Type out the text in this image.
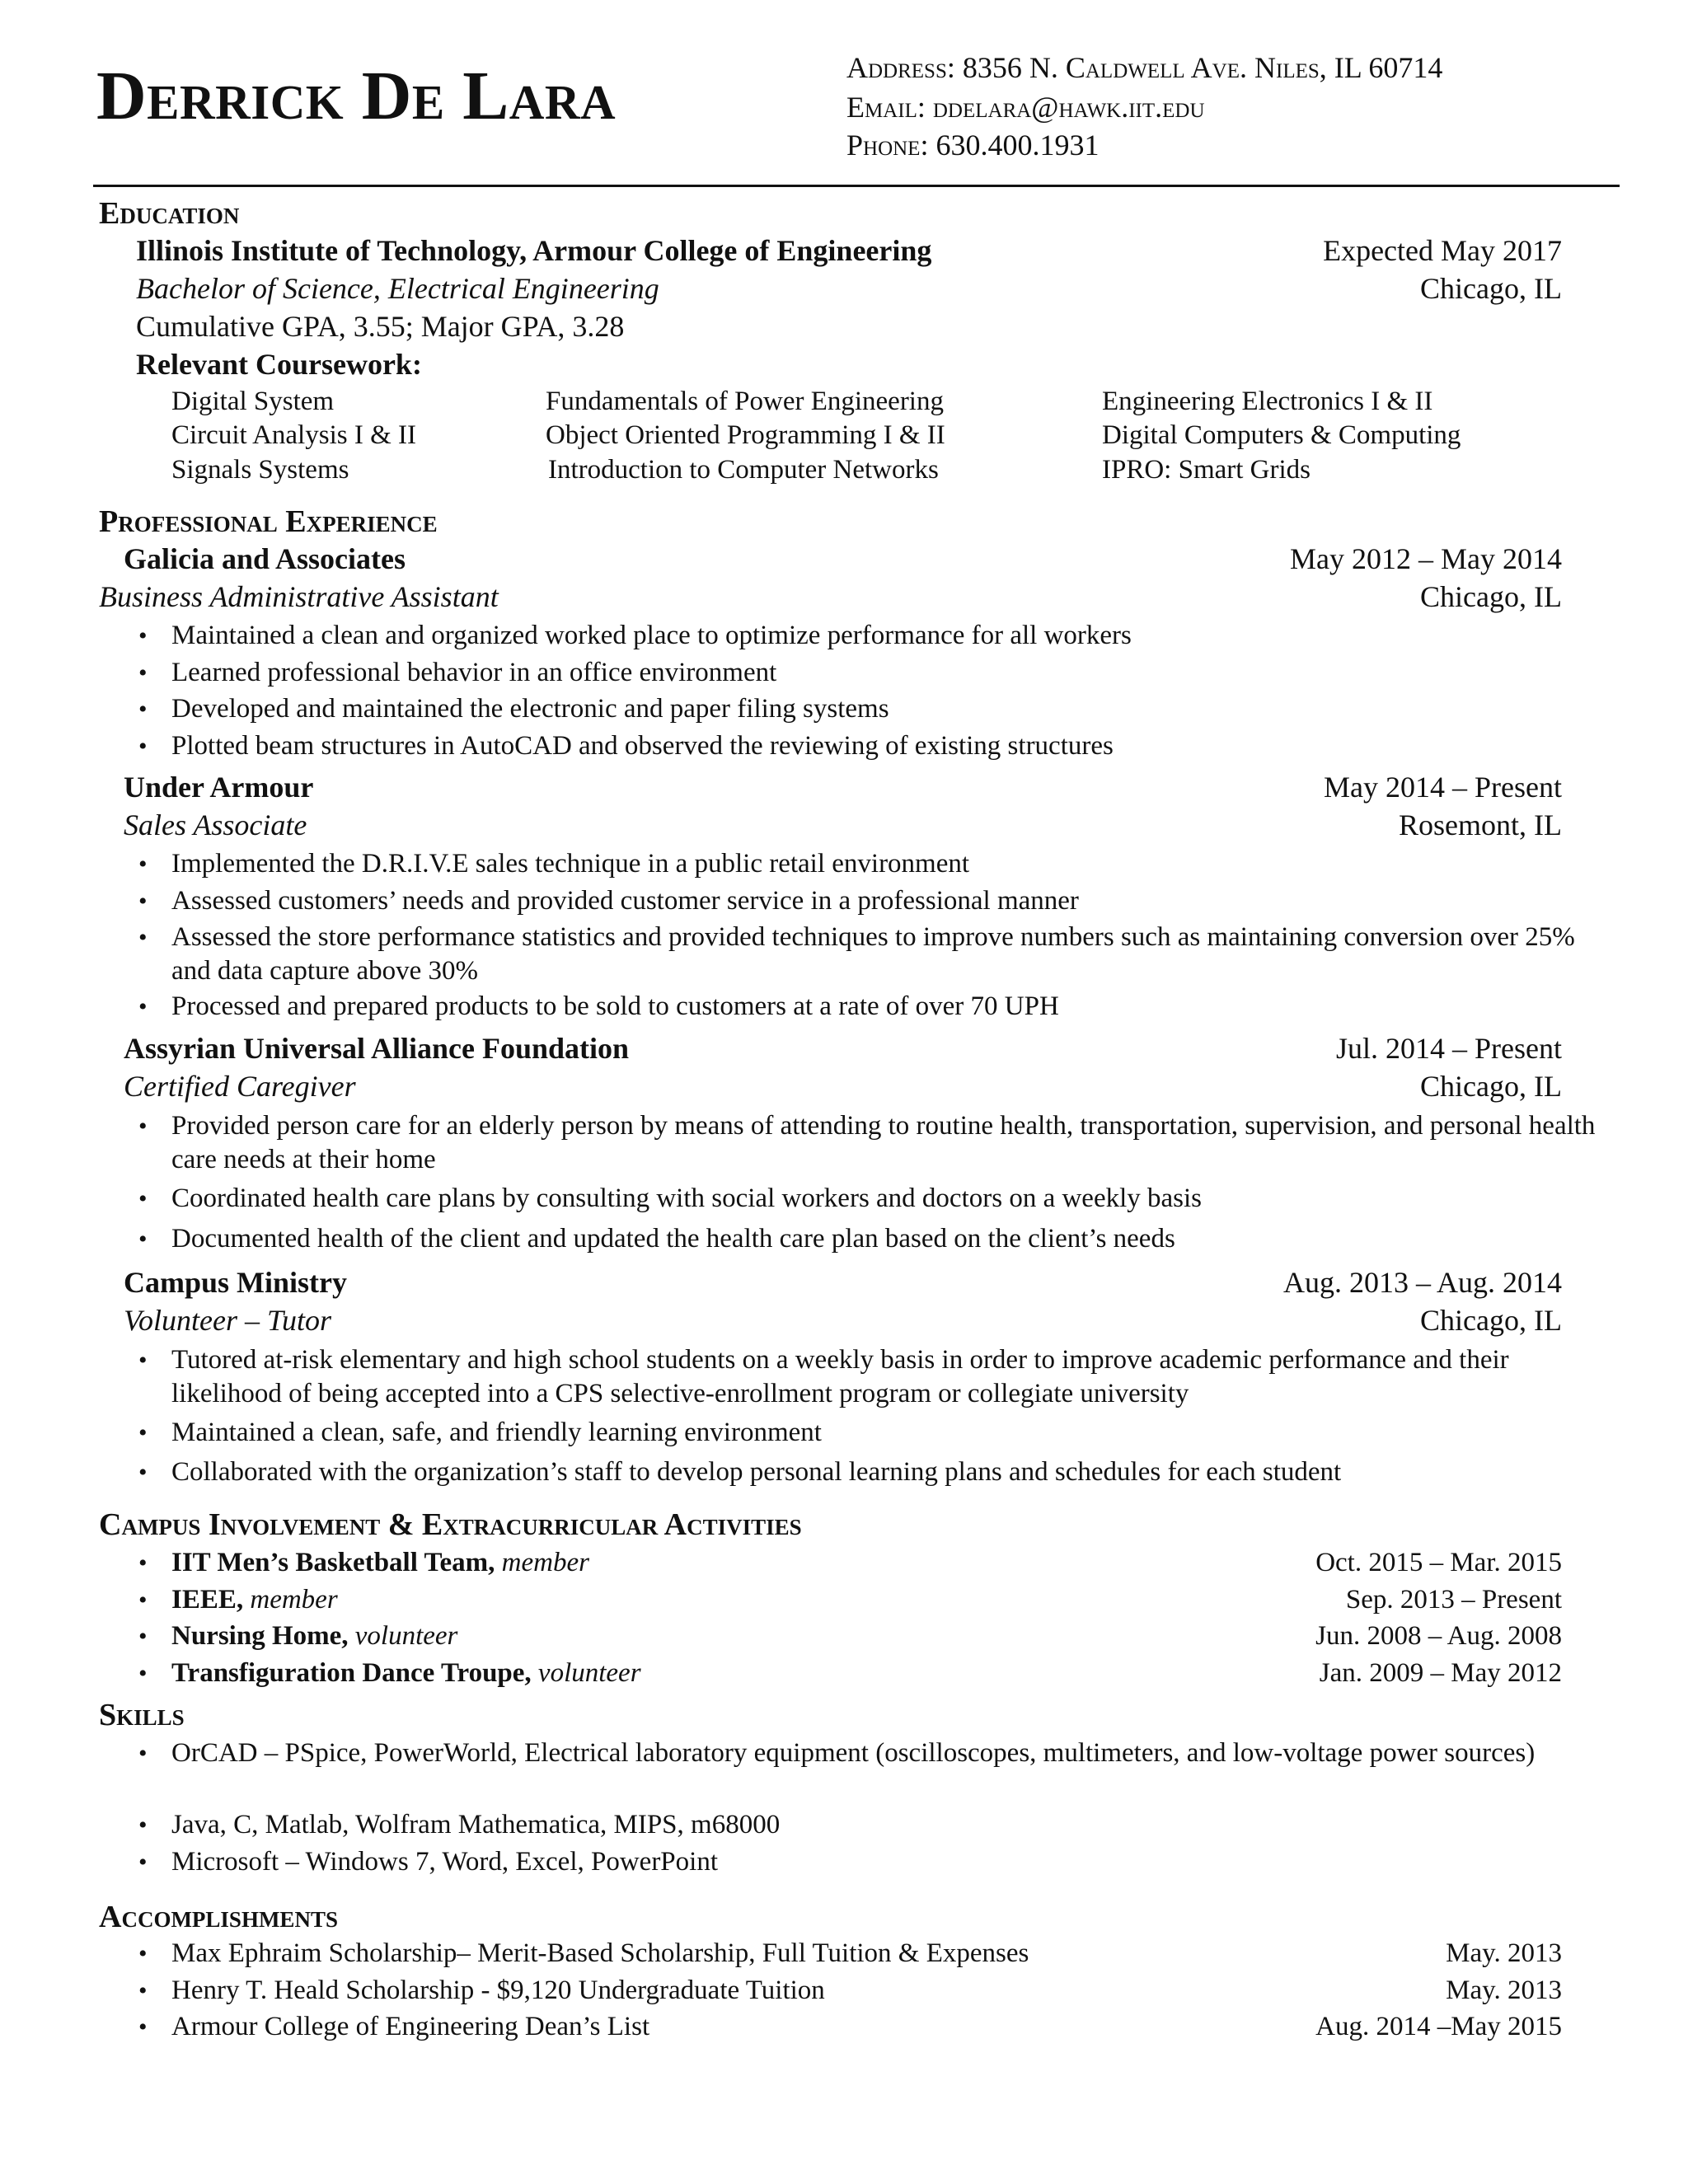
Derrick De Lara	Address: 8356 N. Caldwell Ave. Niles, IL 60714
Email: ddelara@hawk.iit.edu
Phone: 630.400.1931
Education
Illinois Institute of Technology, Armour College of Engineering	Expected May 2017
Bachelor of Science, Electrical Engineering	Chicago, IL
Cumulative GPA, 3.55; Major GPA, 3.28
Relevant Coursework:
Digital System	Fundamentals of Power Engineering	Engineering Electronics I & II
Circuit Analysis I & II	Object Oriented Programming I & II	Digital Computers & Computing
Signals Systems	Introduction to Computer Networks	IPRO: Smart Grids
Professional Experience
Galicia and Associates	May 2012 – May 2014
Business Administrative Assistant	Chicago, IL
• Maintained a clean and organized worked place to optimize performance for all workers
• Learned professional behavior in an office environment
• Developed and maintained the electronic and paper filing systems
• Plotted beam structures in AutoCAD and observed the reviewing of existing structures
Under Armour	May 2014 – Present
Sales Associate	Rosemont, IL
• Implemented the D.R.I.V.E sales technique in a public retail environment
• Assessed customers’ needs and provided customer service in a professional manner
• Assessed the store performance statistics and provided techniques to improve numbers such as maintaining conversion over 25% and data capture above 30%
• Processed and prepared products to be sold to customers at a rate of over 70 UPH
Assyrian Universal Alliance Foundation	Jul. 2014 – Present
Certified Caregiver	Chicago, IL
• Provided person care for an elderly person by means of attending to routine health, transportation, supervision, and personal health care needs at their home
• Coordinated health care plans by consulting with social workers and doctors on a weekly basis
• Documented health of the client and updated the health care plan based on the client’s needs
Campus Ministry	Aug. 2013 – Aug. 2014
Volunteer – Tutor	Chicago, IL
• Tutored at-risk elementary and high school students on a weekly basis in order to improve academic performance and their likelihood of being accepted into a CPS selective-enrollment program or collegiate university
• Maintained a clean, safe, and friendly learning environment
• Collaborated with the organization’s staff to develop personal learning plans and schedules for each student
Campus Involvement & Extracurricular Activities
• IIT Men’s Basketball Team, member	Oct. 2015 – Mar. 2015
• IEEE, member	Sep. 2013 – Present
• Nursing Home, volunteer	Jun. 2008 – Aug. 2008
• Transfiguration Dance Troupe, volunteer	Jan. 2009 – May 2012
Skills
• OrCAD – PSpice, PowerWorld, Electrical laboratory equipment (oscilloscopes, multimeters, and low-voltage power sources)
• Java, C, Matlab, Wolfram Mathematica, MIPS, m68000
• Microsoft – Windows 7, Word, Excel, PowerPoint
Accomplishments
• Max Ephraim Scholarship– Merit-Based Scholarship, Full Tuition & Expenses	May. 2013
• Henry T. Heald Scholarship - $9,120 Undergraduate Tuition	May. 2013
• Armour College of Engineering Dean’s List	Aug. 2014 –May 2015
